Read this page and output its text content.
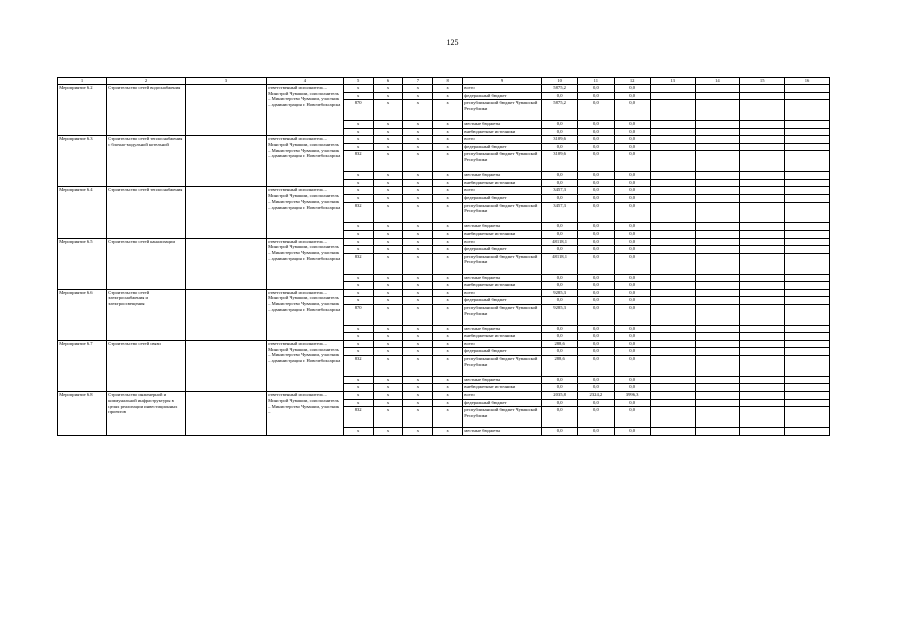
125
1	2	3	4	5	6	7	8	9	10	11	12	13	14	15	16
Мероприятие 6.2	Строительство сетей водоснабжения		ответственный исполнитель – Минстрой Чувашии, соисполнитель – Министерство Чувашии, участник – администрация г. Новочебоксарска	x	x	x	x	всего	5875,2	0,0	0,0				
				x	x	x	x	федеральный бюджет	0,0	0,0	0,0				
				870	x	x	x	республиканский бюджет Чувашской Республики	5875,2	0,0	0,0				
				x	x	x	x	местные бюджеты	0,0	0,0	0,0				
				x	x	x	x	внебюджетные источники	0,0	0,0	0,0				
Мероприятие 6.3	Строительство сетей теплоснабжения с блочно-модульной котельной		ответственный исполнитель – Минстрой Чувашии, соисполнитель – Министерство Чувашии, участник – администрация г. Новочебоксарска	x	x	x	x	всего	3109,6	0,0	0,0				
				x	x	x	x	федеральный бюджет	0,0	0,0	0,0				
				832	x	x	x	республиканский бюджет Чувашской Республики	3109,6	0,0	0,0				
				x	x	x	x	местные бюджеты	0,0	0,0	0,0				
				x	x	x	x	внебюджетные источники	0,0	0,0	0,0				
Мероприятие 6.4	Строительство сетей теплоснабжения		ответственный исполнитель – Минстрой Чувашии, соисполнитель – Министерство Чувашии, участник – администрация г. Новочебоксарска	x	x	x	x	всего	3457,3	0,0	0,0				
				x	x	x	x	федеральный бюджет	0,0	0,0	0,0				
				832	x	x	x	республиканский бюджет Чувашской Республики	3457,3	0,0	0,0				
				x	x	x	x	местные бюджеты	0,0	0,0	0,0				
				x	x	x	x	внебюджетные источники	0,0	0,0	0,0				
Мероприятие 6.5	Строительство сетей канализации		ответственный исполнитель – Минстрой Чувашии, соисполнитель – Министерство Чувашии, участник – администрация г. Новочебоксарска	x	x	x	x	всего	48118,1	0,0	0,0				
				x	x	x	x	федеральный бюджет	0,0	0,0	0,0				
				832	x	x	x	республиканский бюджет Чувашской Республики	48118,1	0,0	0,0				
				x	x	x	x	местные бюджеты	0,0	0,0	0,0				
				x	x	x	x	внебюджетные источники	0,0	0,0	0,0				
Мероприятие 6.6	Строительство сетей электроснабжения и электроосвещения		ответственный исполнитель – Минстрой Чувашии, соисполнитель – Министерство Чувашии, участник – администрация г. Новочебоксарска	x	x	x	x	всего	9285,3	0,0	0,0				
				x	x	x	x	федеральный бюджет	0,0	0,0	0,0				
				870	x	x	x	республиканский бюджет Чувашской Республики	9285,3	0,0	0,0				
				x	x	x	x	местные бюджеты	0,0	0,0	0,0				
				x	x	x	x	внебюджетные источники	0,0	0,0	0,0				
Мероприятие 6.7	Строительство сетей связи		ответственный исполнитель – Минстрой Чувашии, соисполнитель – Министерство Чувашии, участник – администрация г. Новочебоксарска	x	x	x	x	всего	288,6	0,0	0,0				
				x	x	x	x	федеральный бюджет	0,0	0,0	0,0				
				832	x	x	x	республиканский бюджет Чувашской Республики	288,6	0,0	0,0				
				x	x	x	x	местные бюджеты	0,0	0,0	0,0				
				x	x	x	x	внебюджетные источники	0,0	0,0	0,0				
Мероприятие 6.8	Строительство инженерной и коммунальной инфраструктуры в целях реализации инвестиционных проектов		ответственный исполнитель – Минстрой Чувашии, соисполнитель – Министерство Чувашии, участник –	x	x	x	x	всего	2035,8	2324,2	3996,3				
				x	x	x	x	федеральный бюджет	0,0	0,0	0,0				
				832	x	x	x	республиканский бюджет Чувашской Республики	0,0	0,0	0,0				
				x	x	x	x	местные бюджеты	0,0	0,0	0,0				
